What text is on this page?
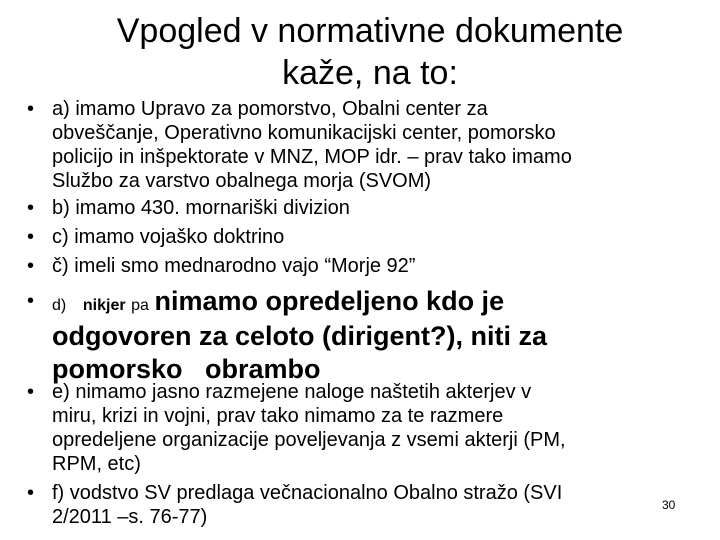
Vpogled v normativne dokumente
kaže, na to:
• a) imamo Upravo za pomorstvo, Obalni center za
obveščanje, Operativno komunikacijski center, pomorsko
policijo in inšpektorate v MNZ, MOP idr. – prav tako imamo
Službo za varstvo obalnega morja (SVOM)
• b) imamo 430. mornariški divizion
• c) imamo vojaško doktrino
• č) imeli smo mednarodno vajo “Morje 92”
• d) nikjer pa nimamo opredeljeno kdo je
odgovoren za celoto (dirigent?), niti za
pomorsko   obrambo
• e) nimamo jasno razmejene naloge naštetih akterjev v
miru, krizi in vojni, prav tako nimamo za te razmere
opredeljene organizacije poveljevanja z vsemi akterji (PM,
RPM, etc)
• f) vodstvo SV predlaga večnacionalno Obalno stražo (SVI
2/2011 –s. 76-77)
30
